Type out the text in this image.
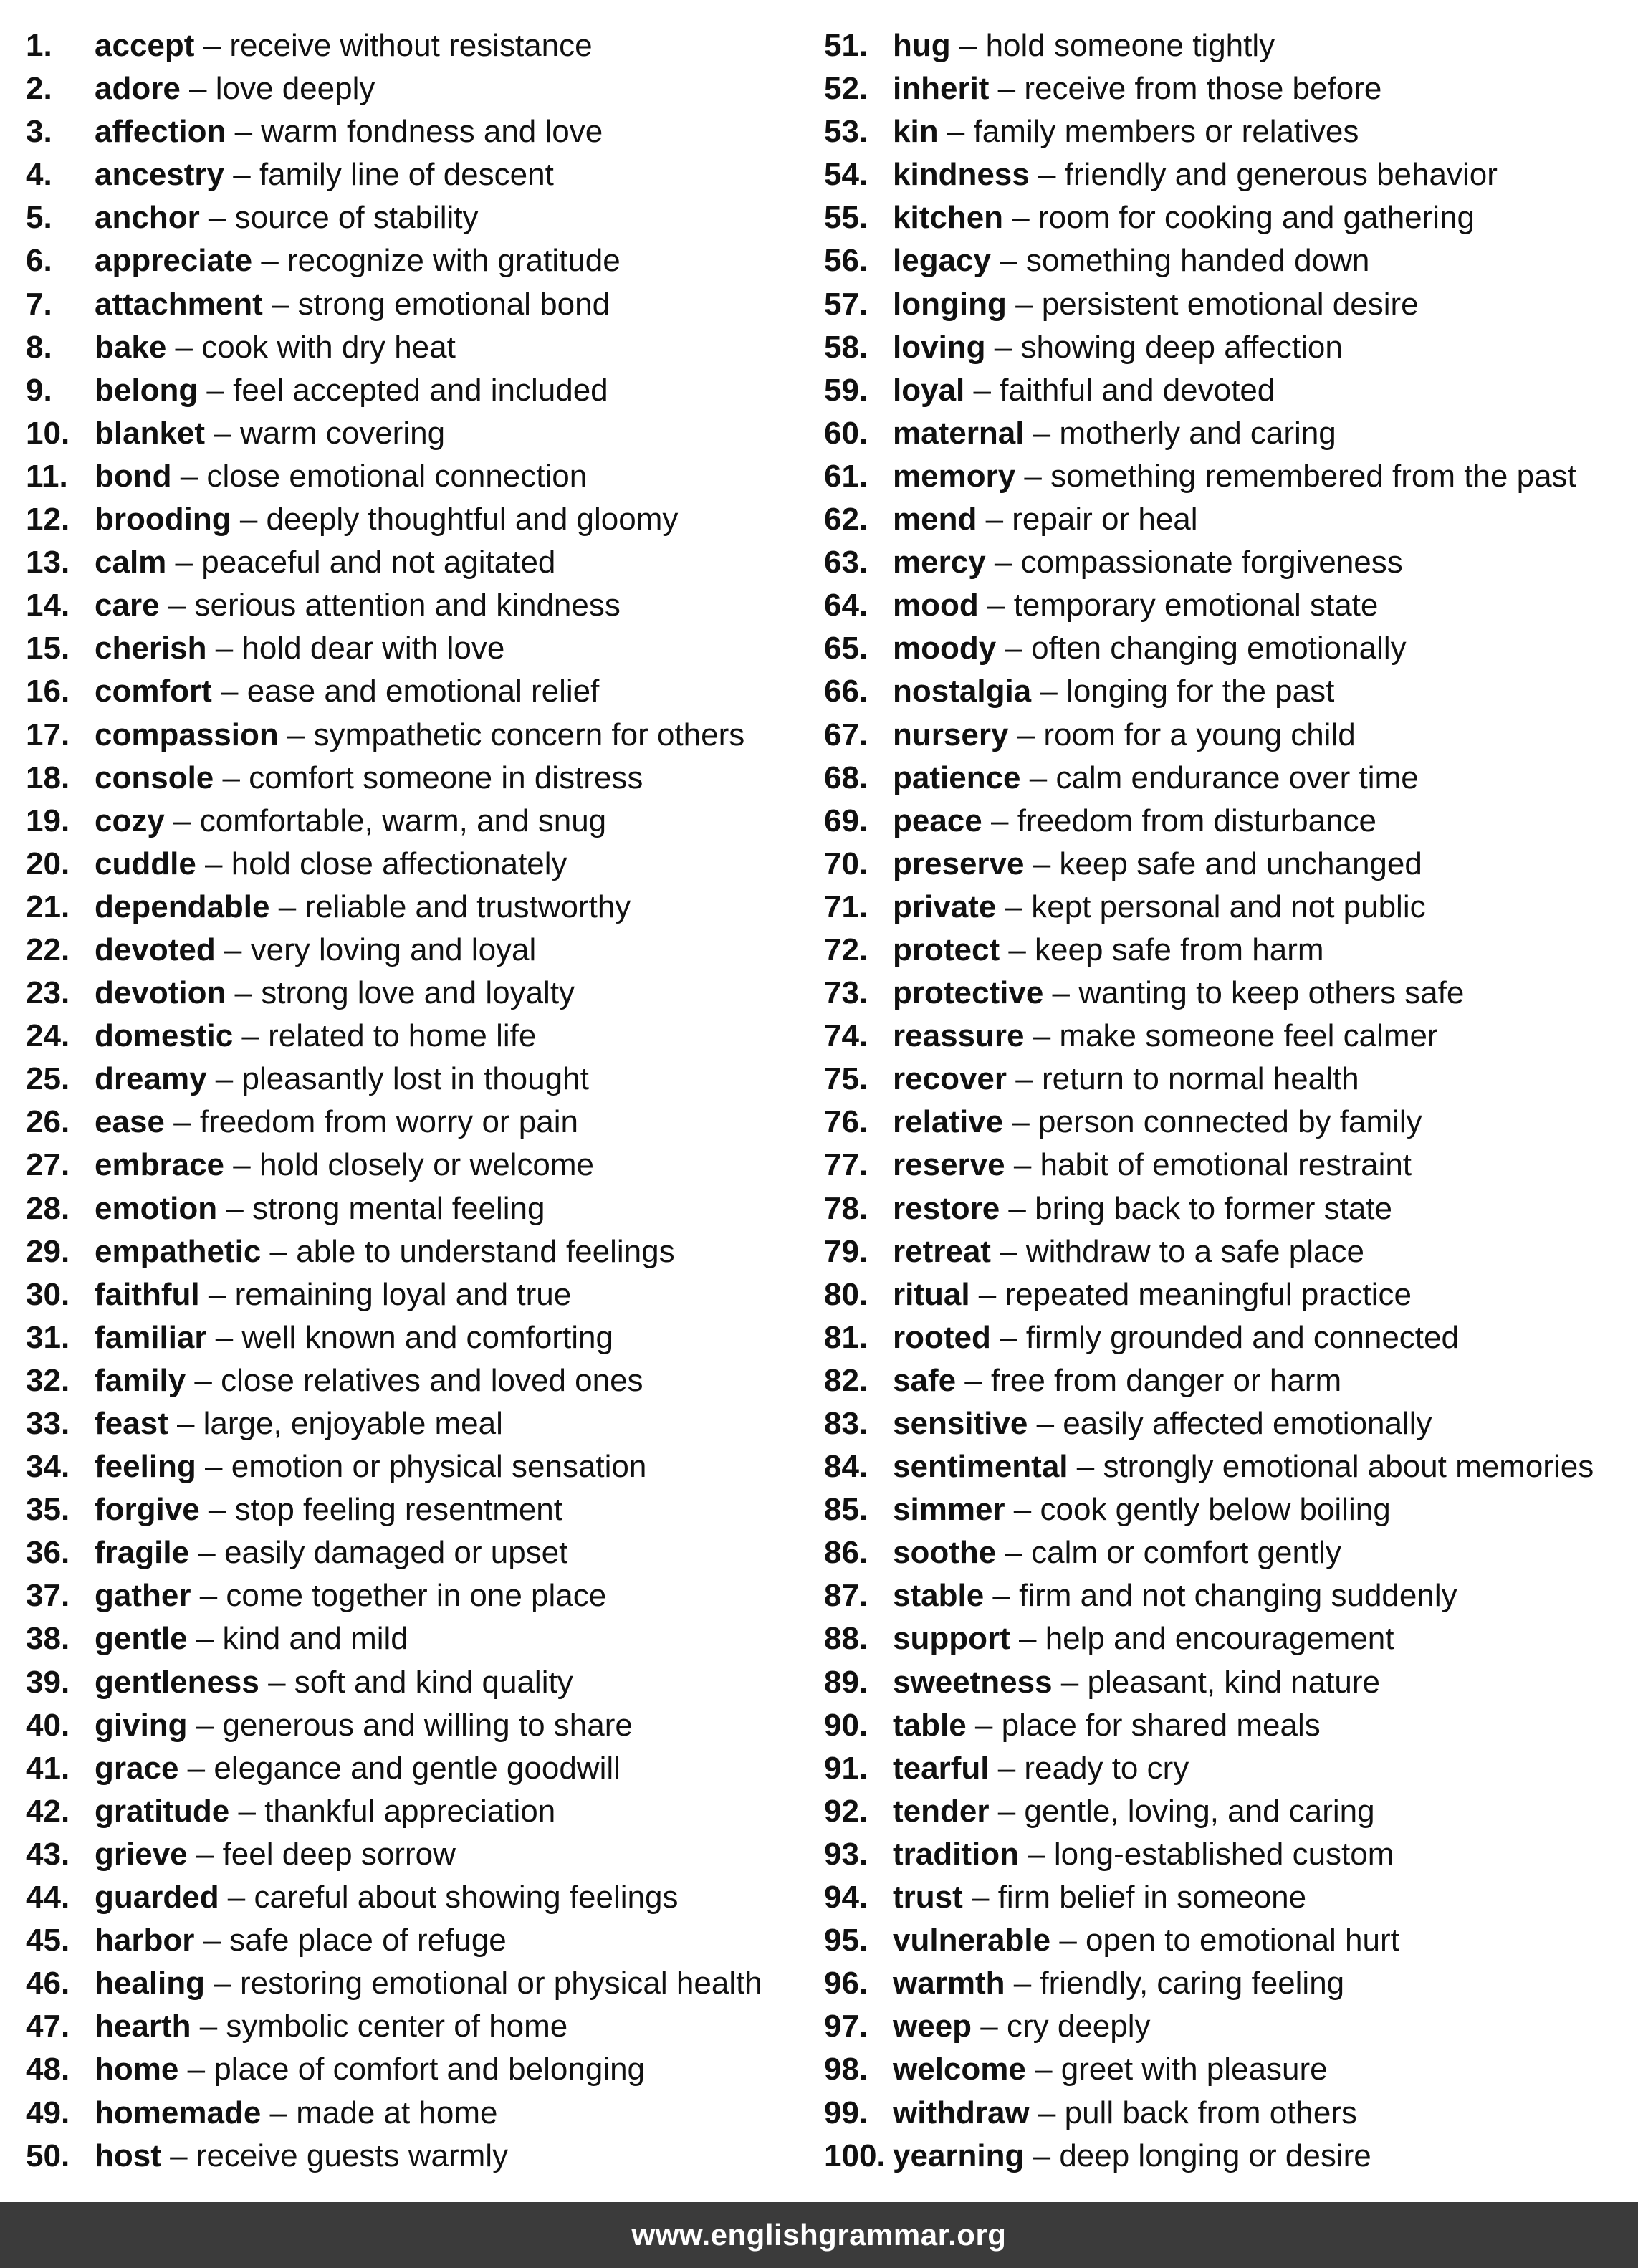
1.	accept – receive without resistance
2.	adore – love deeply
3.	affection – warm fondness and love
4.	ancestry – family line of descent
5.	anchor – source of stability
6.	appreciate – recognize with gratitude
7.	attachment – strong emotional bond
8.	bake – cook with dry heat
9.	belong – feel accepted and included
10. blanket – warm covering
11. bond – close emotional connection
12. brooding – deeply thoughtful and gloomy
13. calm – peaceful and not agitated
14. care – serious attention and kindness
15. cherish – hold dear with love
16. comfort – ease and emotional relief
17. compassion – sympathetic concern for others
18. console – comfort someone in distress
19. cozy – comfortable, warm, and snug
20. cuddle – hold close affectionately
21. dependable – reliable and trustworthy
22. devoted – very loving and loyal
23. devotion – strong love and loyalty
24. domestic – related to home life
25. dreamy – pleasantly lost in thought
26. ease – freedom from worry or pain
27. embrace – hold closely or welcome
28. emotion – strong mental feeling
29. empathetic – able to understand feelings
30. faithful – remaining loyal and true
31. familiar – well known and comforting
32. family – close relatives and loved ones
33. feast – large, enjoyable meal
34. feeling – emotion or physical sensation
35. forgive – stop feeling resentment
36. fragile – easily damaged or upset
37. gather – come together in one place
38. gentle – kind and mild
39. gentleness – soft and kind quality
40. giving – generous and willing to share
41. grace – elegance and gentle goodwill
42. gratitude – thankful appreciation
43. grieve – feel deep sorrow
44. guarded – careful about showing feelings
45. harbor – safe place of refuge
46. healing – restoring emotional or physical health
47. hearth – symbolic center of home
48. home – place of comfort and belonging
49. homemade – made at home
50. host – receive guests warmly
51. hug – hold someone tightly
52. inherit – receive from those before
53. kin – family members or relatives
54. kindness – friendly and generous behavior
55. kitchen – room for cooking and gathering
56. legacy – something handed down
57. longing – persistent emotional desire
58. loving – showing deep affection
59. loyal – faithful and devoted
60. maternal – motherly and caring
61. memory – something remembered from the past
62. mend – repair or heal
63. mercy – compassionate forgiveness
64. mood – temporary emotional state
65. moody – often changing emotionally
66. nostalgia – longing for the past
67. nursery – room for a young child
68. patience – calm endurance over time
69. peace – freedom from disturbance
70. preserve – keep safe and unchanged
71. private – kept personal and not public
72. protect – keep safe from harm
73. protective – wanting to keep others safe
74. reassure – make someone feel calmer
75. recover – return to normal health
76. relative – person connected by family
77. reserve – habit of emotional restraint
78. restore – bring back to former state
79. retreat – withdraw to a safe place
80. ritual – repeated meaningful practice
81. rooted – firmly grounded and connected
82. safe – free from danger or harm
83. sensitive – easily affected emotionally
84. sentimental – strongly emotional about memories
85. simmer – cook gently below boiling
86. soothe – calm or comfort gently
87. stable – firm and not changing suddenly
88. support – help and encouragement
89. sweetness – pleasant, kind nature
90. table – place for shared meals
91. tearful – ready to cry
92. tender – gentle, loving, and caring
93. tradition – long-established custom
94. trust – firm belief in someone
95. vulnerable – open to emotional hurt
96. warmth – friendly, caring feeling
97. weep – cry deeply
98. welcome – greet with pleasure
99. withdraw – pull back from others
100. yearning – deep longing or desire
www.englishgrammar.org
